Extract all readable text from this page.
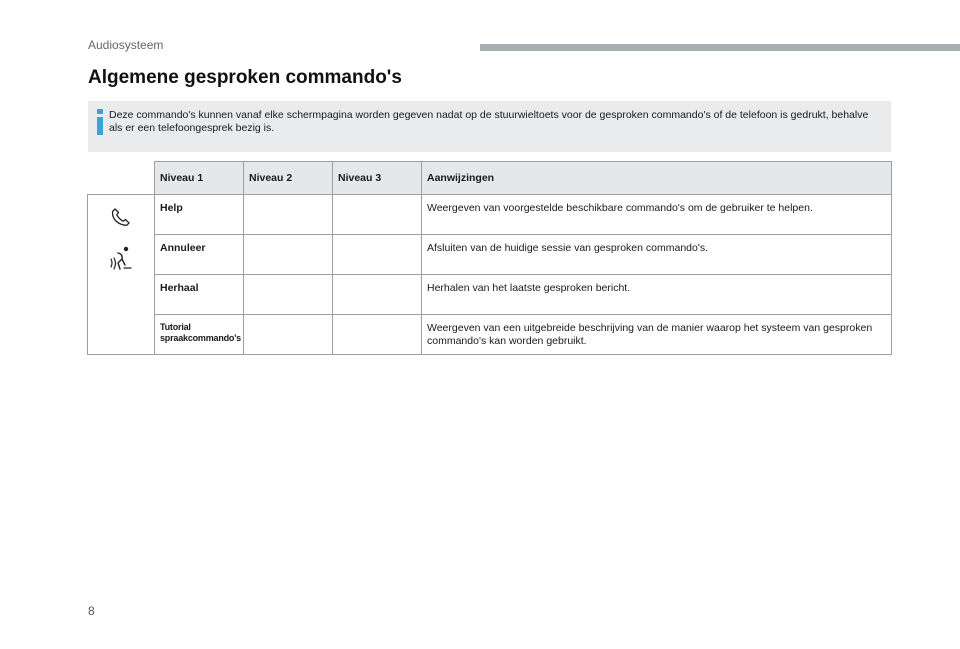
Audiosysteem
Algemene gesproken commando's
Deze commando's kunnen vanaf elke schermpagina worden gegeven nadat op de stuurwieltoets voor de gesproken commando's of de telefoon is gedrukt, behalve als er een telefoongesprek bezig is.
	Niveau 1	Niveau 2	Niveau 3	Aanwijzingen

	Help			Weergeven van voorgestelde beschikbare commando's om de gebruiker te helpen.
	Annuleer			Afsluiten van de huidige sessie van gesproken commando's.
	Herhaal			Herhalen van het laatste gesproken bericht.
	Tutorial spraakcommando's			Weergeven van een uitgebreide beschrijving van de manier waarop het systeem van gesproken commando's kan worden gebruikt.
8
